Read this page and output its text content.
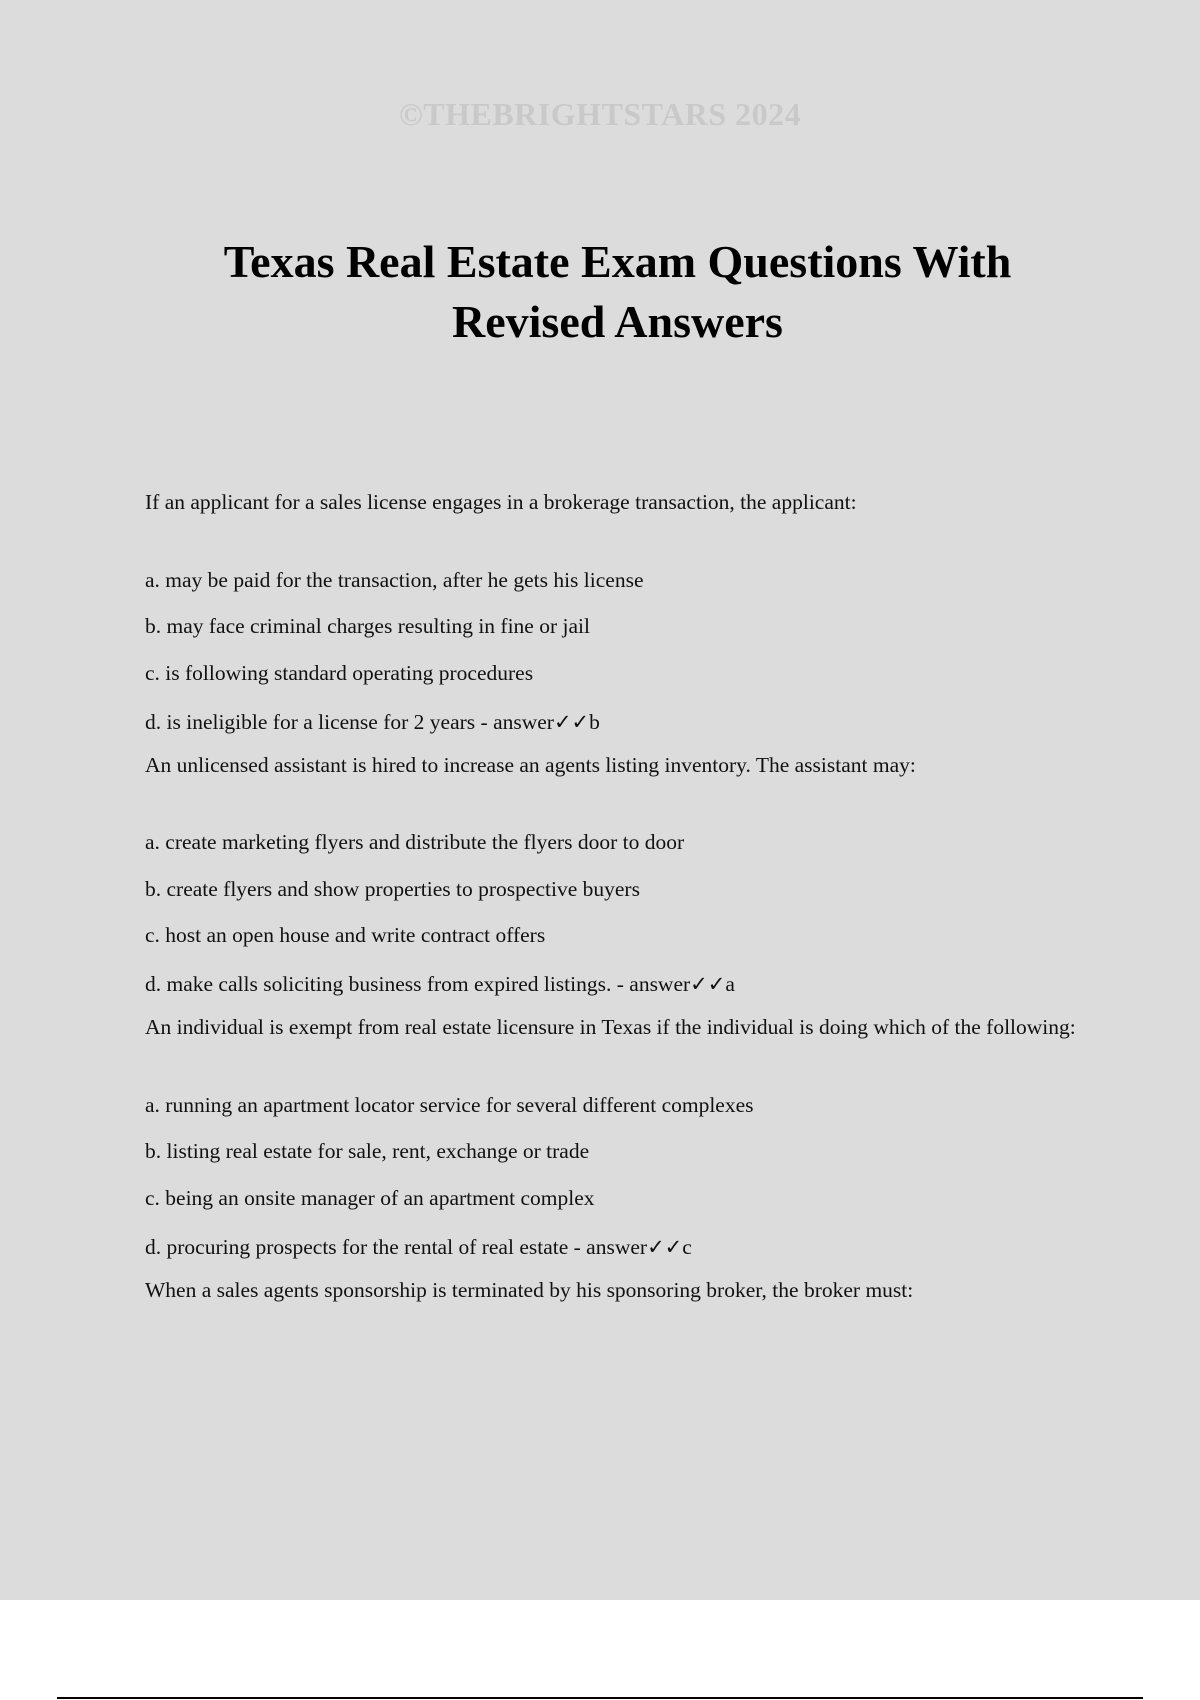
©THEBRIGHTSTARS 2024
Texas Real Estate Exam Questions With
Revised Answers

If an applicant for a sales license engages in a brokerage transaction, the applicant:

a. may be paid for the transaction, after he gets his license

b. may face criminal charges resulting in fine or jail

c. is following standard operating procedures

d. is ineligible for a license for 2 years - answer✓✓b

An unlicensed assistant is hired to increase an agents listing inventory. The assistant may:

a. create marketing flyers and distribute the flyers door to door

b. create flyers and show properties to prospective buyers

c. host an open house and write contract offers

d. make calls soliciting business from expired listings. - answer✓✓a

An individual is exempt from real estate licensure in Texas if the individual is doing which of the following:

a. running an apartment locator service for several different complexes

b. listing real estate for sale, rent, exchange or trade

c. being an onsite manager of an apartment complex

d. procuring prospects for the rental of real estate - answer✓✓c

When a sales agents sponsorship is terminated by his sponsoring broker, the broker must:
